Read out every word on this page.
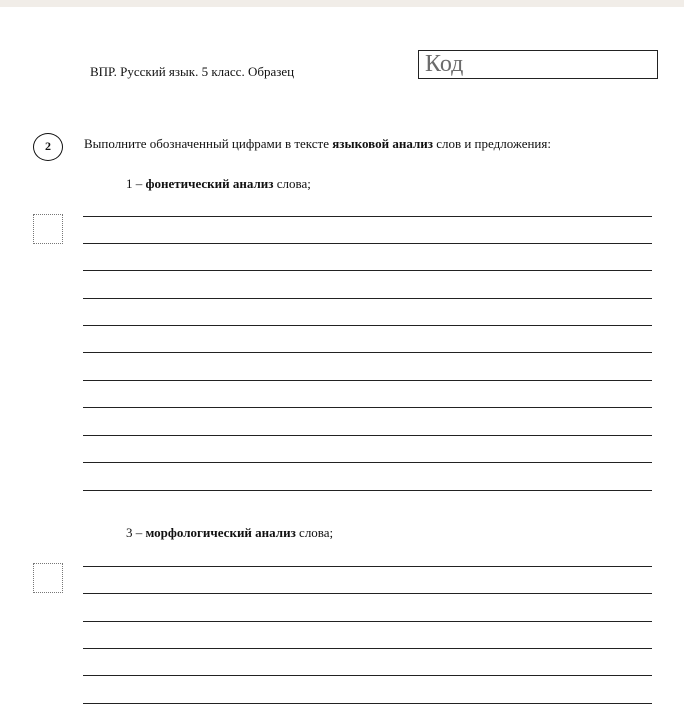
ВПР. Русский язык. 5 класс. Образец	Код
2	Выполните обозначенный цифрами в тексте языковой анализ слов и предложения:
1 – фонетический анализ слова;
3 – морфологический анализ слова;
